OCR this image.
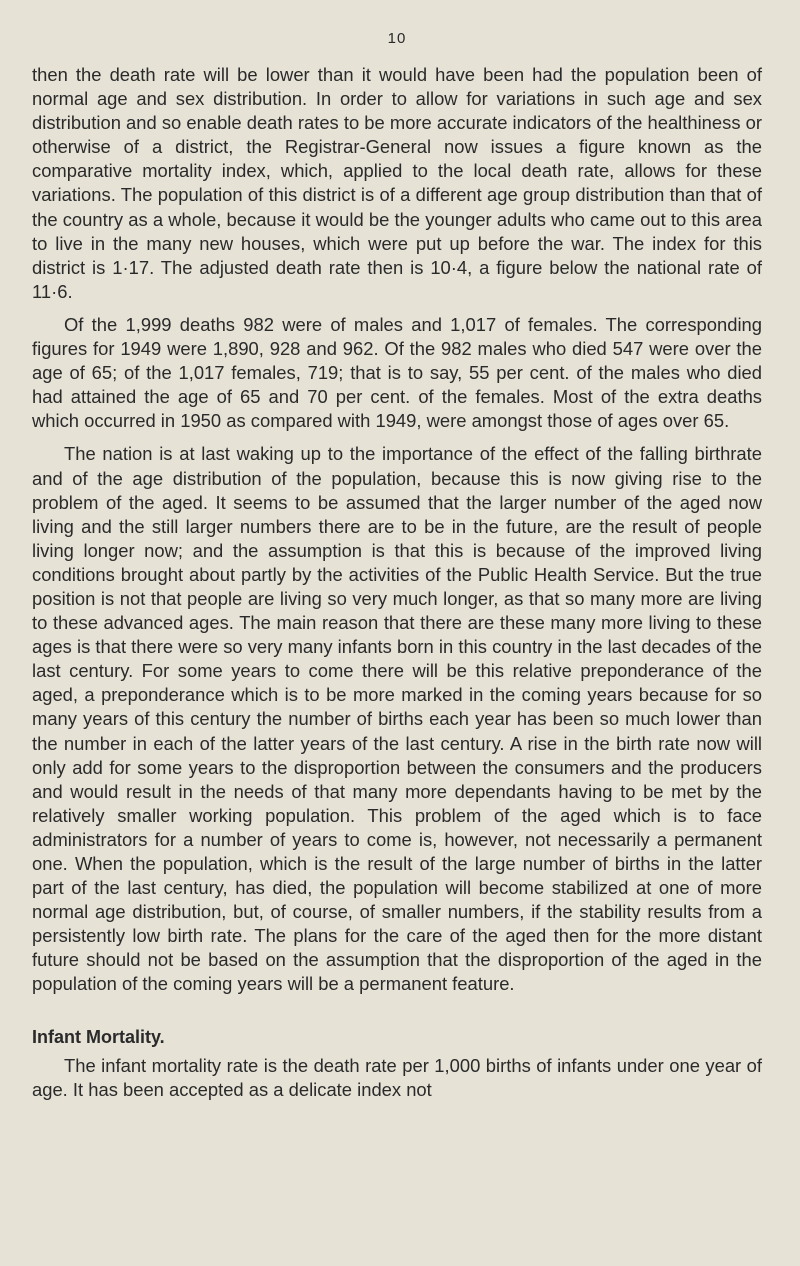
10

then the death rate will be lower than it would have been had the population been of normal age and sex distribution. In order to allow for variations in such age and sex distribution and so enable death rates to be more accurate indicators of the healthiness or otherwise of a district, the Registrar-General now issues a figure known as the comparative mortality index, which, applied to the local death rate, allows for these variations. The population of this district is of a different age group distribution than that of the country as a whole, because it would be the younger adults who came out to this area to live in the many new houses, which were put up before the war. The index for this district is 1·17. The adjusted death rate then is 10·4, a figure below the national rate of 11·6.

Of the 1,999 deaths 982 were of males and 1,017 of females. The corresponding figures for 1949 were 1,890, 928 and 962. Of the 982 males who died 547 were over the age of 65; of the 1,017 females, 719; that is to say, 55 per cent. of the males who died had attained the age of 65 and 70 per cent. of the females. Most of the extra deaths which occurred in 1950 as compared with 1949, were amongst those of ages over 65.

The nation is at last waking up to the importance of the effect of the falling birthrate and of the age distribution of the population, because this is now giving rise to the problem of the aged. It seems to be assumed that the larger number of the aged now living and the still larger numbers there are to be in the future, are the result of people living longer now; and the assumption is that this is because of the improved living conditions brought about partly by the activities of the Public Health Service. But the true position is not that people are living so very much longer, as that so many more are living to these advanced ages. The main reason that there are these many more living to these ages is that there were so very many infants born in this country in the last decades of the last century. For some years to come there will be this relative preponderance of the aged, a preponderance which is to be more marked in the coming years because for so many years of this century the number of births each year has been so much lower than the number in each of the latter years of the last century. A rise in the birth rate now will only add for some years to the disproportion between the consumers and the producers and would result in the needs of that many more dependants having to be met by the relatively smaller working population. This problem of the aged which is to face administrators for a number of years to come is, however, not necessarily a permanent one. When the population, which is the result of the large number of births in the latter part of the last century, has died, the population will become stabilized at one of more normal age distribution, but, of course, of smaller numbers, if the stability results from a persistently low birth rate. The plans for the care of the aged then for the more distant future should not be based on the assumption that the disproportion of the aged in the population of the coming years will be a permanent feature.

Infant Mortality.

The infant mortality rate is the death rate per 1,000 births of infants under one year of age. It has been accepted as a delicate index not
